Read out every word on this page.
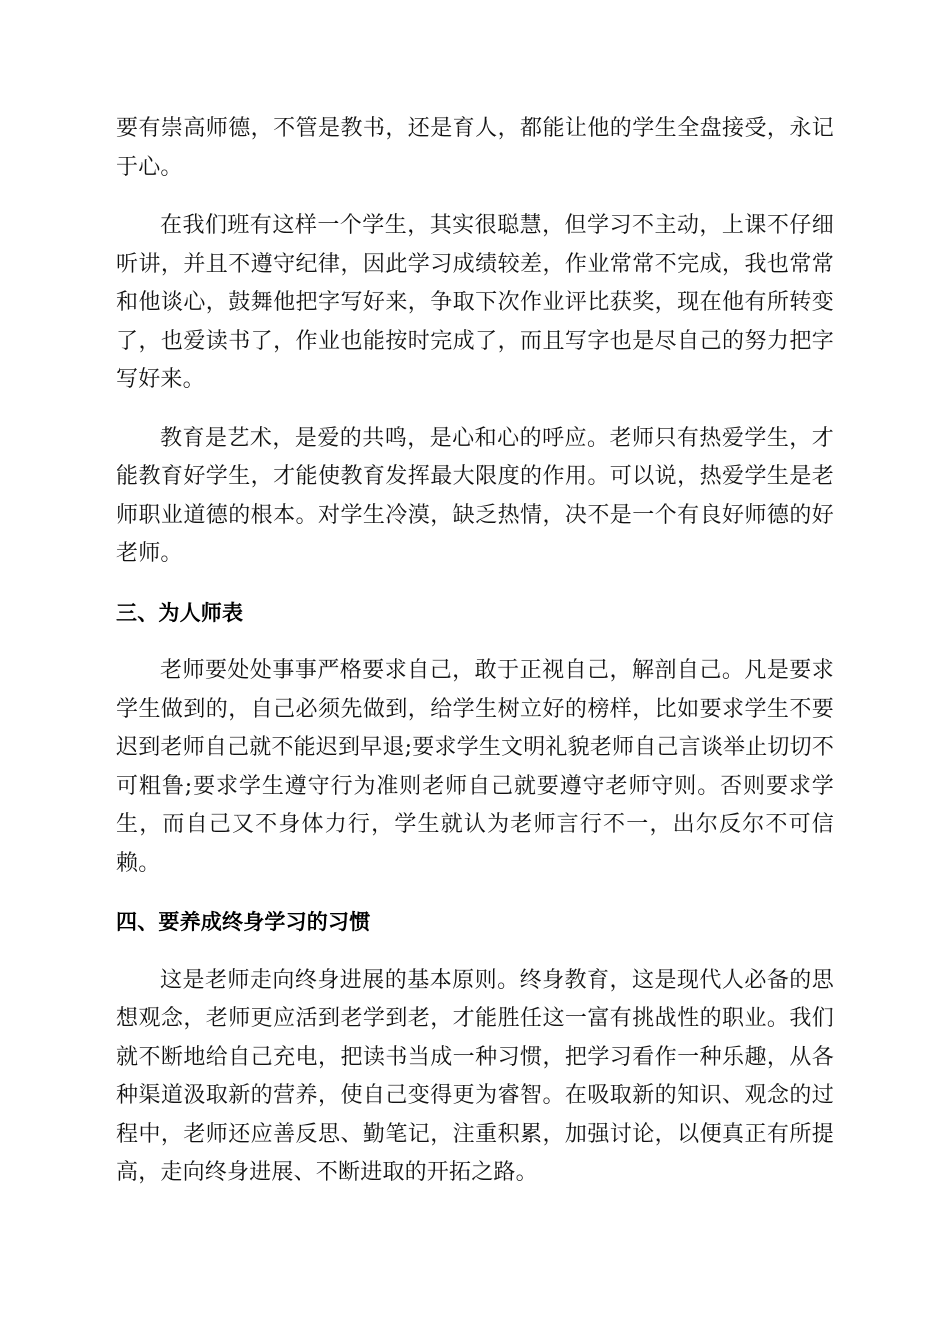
要有崇高师德，不管是教书，还是育人，都能让他的学生全盘接受，永记于心。

在我们班有这样一个学生，其实很聪慧，但学习不主动，上课不仔细听讲，并且不遵守纪律，因此学习成绩较差，作业常常不完成，我也常常和他谈心，鼓舞他把字写好来，争取下次作业评比获奖，现在他有所转变了，也爱读书了，作业也能按时完成了，而且写字也是尽自己的努力把字写好来。

教育是艺术，是爱的共鸣，是心和心的呼应。老师只有热爱学生，才能教育好学生，才能使教育发挥最大限度的作用。可以说，热爱学生是老师职业道德的根本。对学生冷漠，缺乏热情，决不是一个有良好师德的好老师。

三、为人师表

老师要处处事事严格要求自己，敢于正视自己，解剖自己。凡是要求学生做到的，自己必须先做到，给学生树立好的榜样，比如要求学生不要迟到老师自己就不能迟到早退;要求学生文明礼貌老师自己言谈举止切切不可粗鲁;要求学生遵守行为准则老师自己就要遵守老师守则。否则要求学生，而自己又不身体力行，学生就认为老师言行不一，出尔反尔不可信赖。

四、要养成终身学习的习惯

这是老师走向终身进展的基本原则。终身教育，这是现代人必备的思想观念，老师更应活到老学到老，才能胜任这一富有挑战性的职业。我们就不断地给自己充电，把读书当成一种习惯，把学习看作一种乐趣，从各种渠道汲取新的营养，使自己变得更为睿智。在吸取新的知识、观念的过程中，老师还应善反思、勤笔记，注重积累，加强讨论，以便真正有所提高，走向终身进展、不断进取的开拓之路。
